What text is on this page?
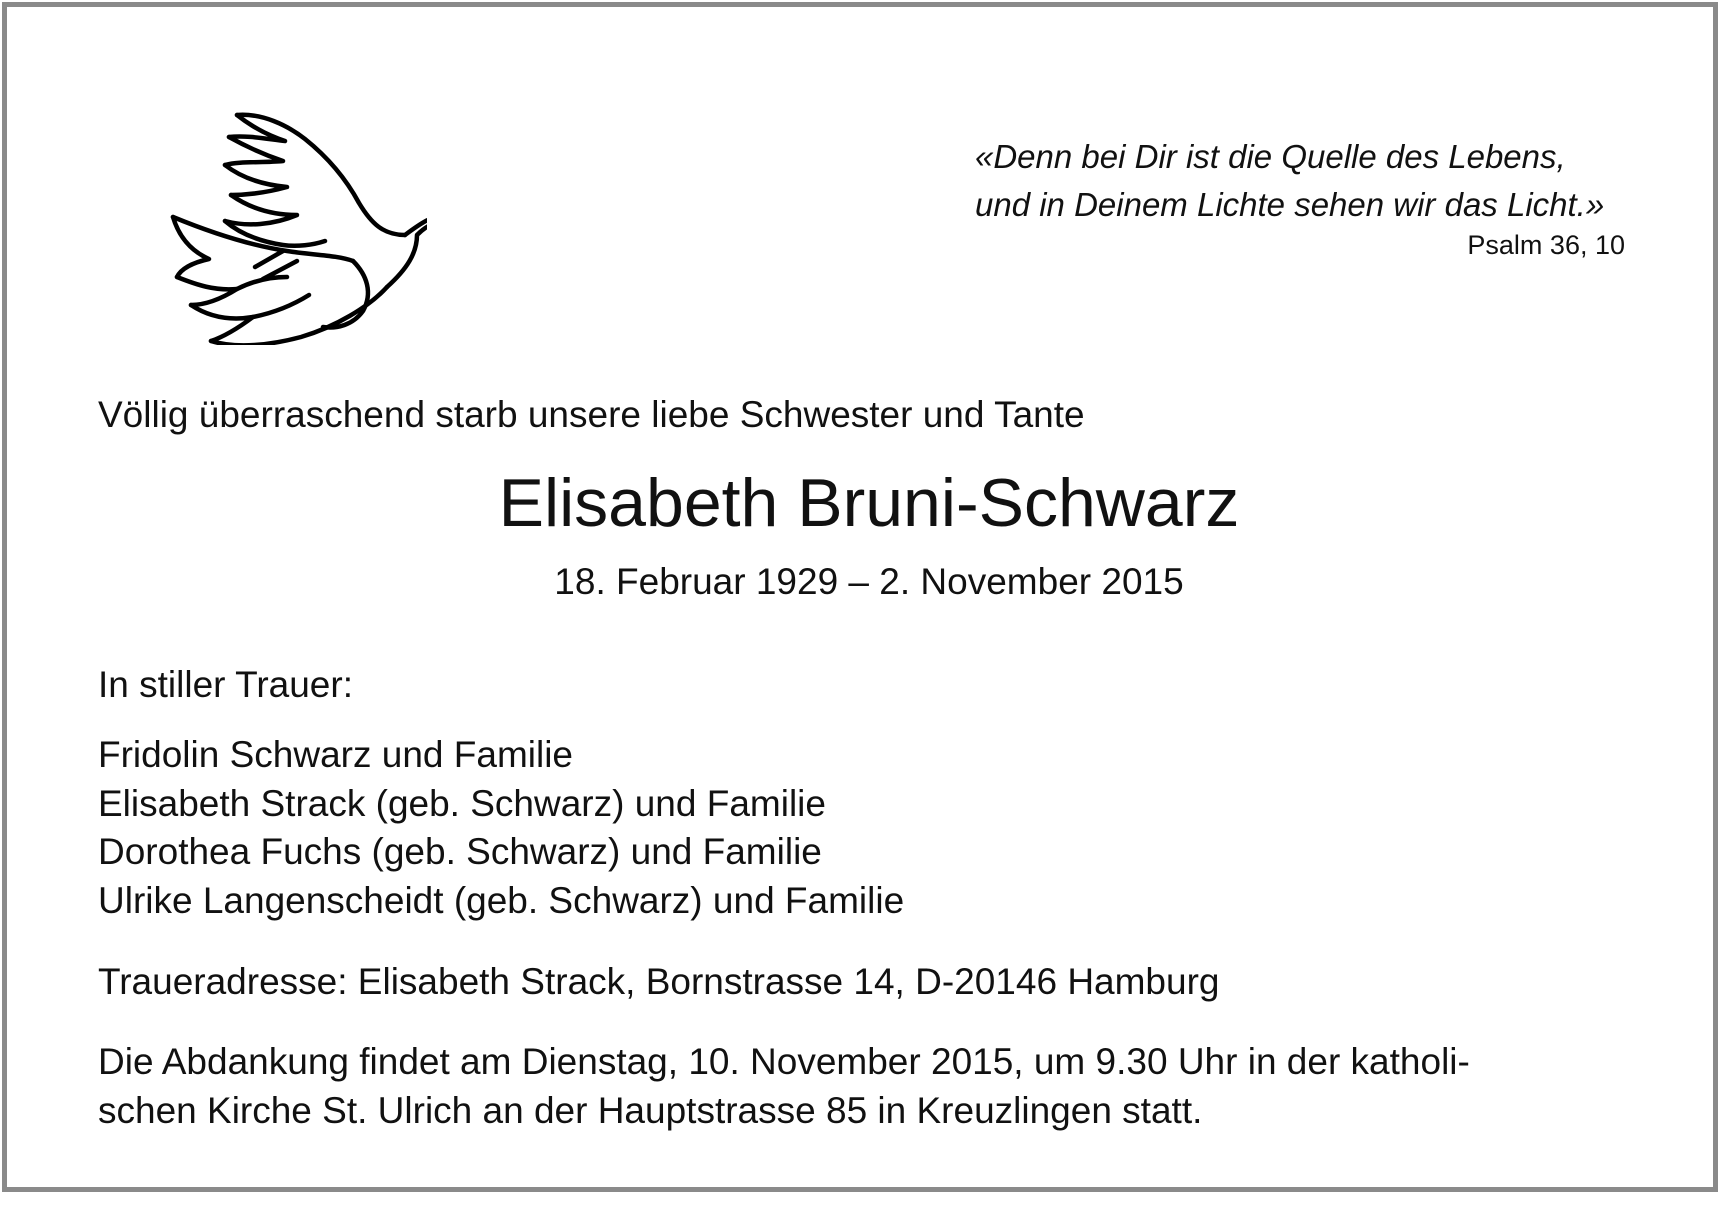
«Denn bei Dir ist die Quelle des Lebens,
und in Deinem Lichte sehen wir das Licht.»
Psalm 36, 10
Völlig überraschend starb unsere liebe Schwester und Tante
Elisabeth Bruni-Schwarz
18. Februar 1929 – 2. November 2015
In stiller Trauer:
Fridolin Schwarz und Familie
Elisabeth Strack (geb. Schwarz) und Familie
Dorothea Fuchs (geb. Schwarz) und Familie
Ulrike Langenscheidt (geb. Schwarz) und Familie
Traueradresse: Elisabeth Strack, Bornstrasse 14, D-20146 Hamburg
Die Abdankung findet am Dienstag, 10. November 2015, um 9.30 Uhr in der katholi-
schen Kirche St. Ulrich an der Hauptstrasse 85 in Kreuzlingen statt.
